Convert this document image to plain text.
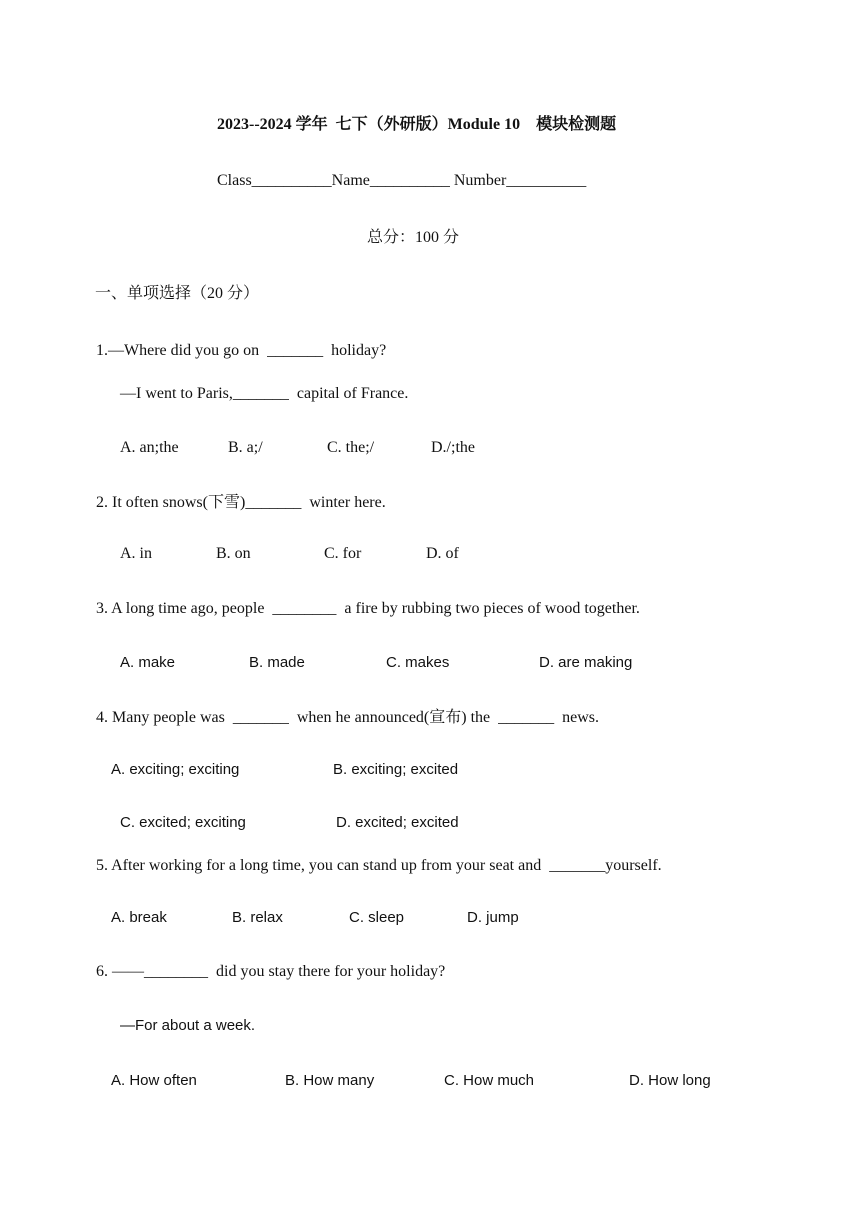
2023--2024 学年  七下（外研版）Module 10    模块检测题
Class__________Name__________ Number__________
总分：100 分
一、单项选择（20 分）
1.—Where did you go on  _______  holiday?
—I went to Paris,_______  capital of France.
A. an;the	B. a;/	C. the;/	D./;the
2. It often snows(下雪)_______  winter here.
A. in	B. on	C. for	D. of
3. A long time ago, people  ________  a fire by rubbing two pieces of wood together.
A. make	B. made	C. makes	D. are making
4. Many people was  _______  when he announced(宣布) the  _______  news.
A. exciting; exciting	B. exciting; excited
C. excited; exciting	D. excited; excited
5. After working for a long time, you can stand up from your seat and  _______yourself.
A. break	B. relax	C. sleep	D. jump
6. ——________  did you stay there for your holiday?
—For about a week.
A. How often	B. How many	C. How much	D. How long
